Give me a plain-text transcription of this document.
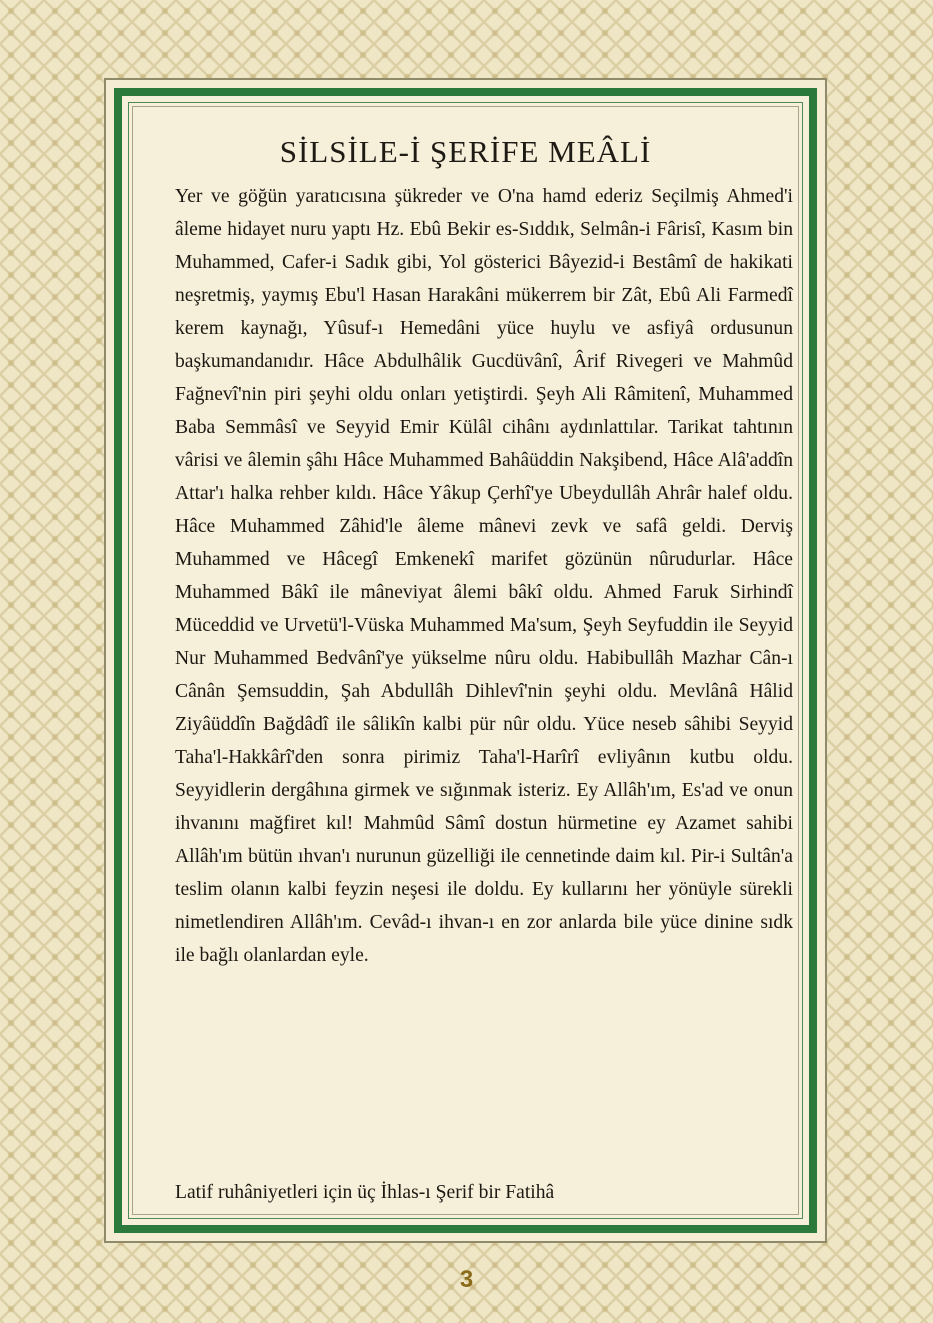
SİLSİLE-İ ŞERİFE MEÂLİ

Yer ve göğün yaratıcısına şükreder ve O'na hamd ederiz Seçilmiş Ahmed'i âleme hidayet nuru yaptı Hz. Ebû Bekir es-Sıddık, Selmân-i Fârisî, Kasım bin Muhammed, Cafer-i Sadık gibi, Yol gösterici Bâyezid-i Bestâmî de hakikati neşretmiş, yaymış Ebu'l Hasan Harakâni mükerrem bir Zât, Ebû Ali Farmedî kerem kaynağı, Yûsuf-ı Hemedâni yüce huylu ve asfiyâ ordusunun başkumandanıdır. Hâce Abdulhâlik Gucdüvânî, Ârif Rivegeri ve Mahmûd Fağnevî'nin piri şeyhi oldu onları yetiştirdi. Şeyh Ali Râmitenî, Muhammed Baba Semmâsî ve Seyyid Emir Külâl cihânı aydınlattılar. Tarikat tahtının vârisi ve âlemin şâhı Hâce Muhammed Bahâüddin Nakşibend, Hâce Alâ'addîn Attar'ı halka rehber kıldı. Hâce Yâkup Çerhî'ye Ubeydullâh Ahrâr halef oldu. Hâce Muhammed Zâhid'le âleme mânevi zevk ve safâ geldi. Derviş Muhammed ve Hâcegî Emkenekî marifet gözünün nûrudurlar. Hâce Muhammed Bâkî ile mâneviyat âlemi bâkî oldu. Ahmed Faruk Sirhindî Müceddid ve Urvetü'l-Vüska Muhammed Ma'sum, Şeyh Seyfuddin ile Seyyid Nur Muhammed Bedvânî'ye yükselme nûru oldu. Habibullâh Mazhar Cân-ı Cânân Şemsuddin, Şah Abdullâh Dihlevî'nin şeyhi oldu. Mevlânâ Hâlid Ziyâüddîn Bağdâdî ile sâlikîn kalbi pür nûr oldu. Yüce neseb sâhibi Seyyid Taha'l-Hakkârî'den sonra pirimiz Taha'l-Harîrî evliyânın kutbu oldu. Seyyidlerin dergâhına girmek ve sığınmak isteriz. Ey Allâh'ım, Es'ad ve onun ihvanını mağfiret kıl! Mahmûd Sâmî dostun hürmetine ey Azamet sahibi Allâh'ım bütün ıhvan'ı nurunun güzelliği ile cennetinde daim kıl. Pir-i Sultân'a teslim olanın kalbi feyzin neşesi ile doldu. Ey kullarını her yönüyle sürekli nimetlendiren Allâh'ım. Cevâd-ı ihvan-ı en zor anlarda bile yüce dinine sıdk ile bağlı olanlardan eyle.

Latif ruhâniyetleri için üç İhlas-ı Şerif bir Fatihâ

3
